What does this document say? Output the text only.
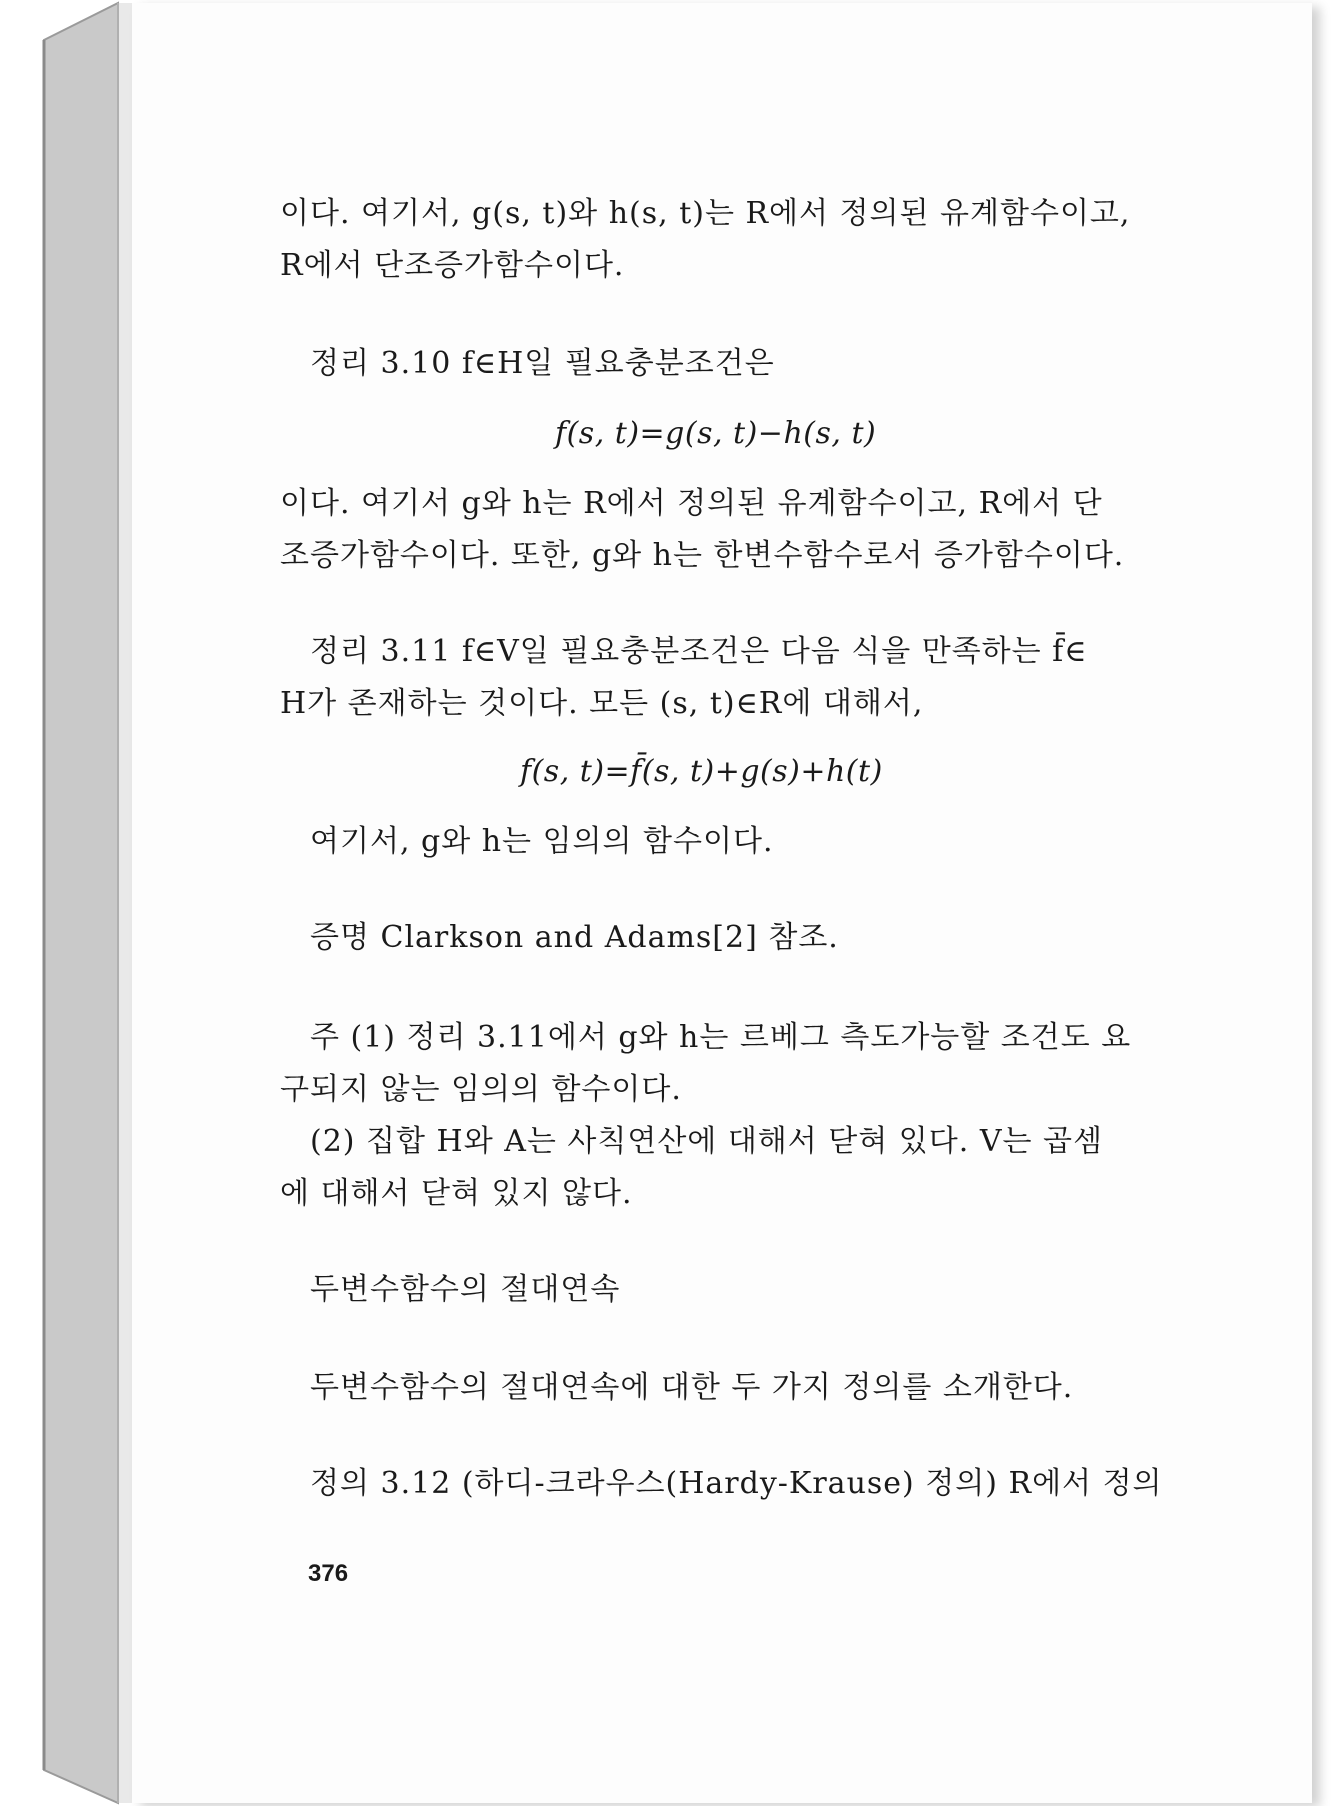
이다. 여기서, g(s, t)와 h(s, t)는 R에서 정의된 유계함수이고,

R에서 단조증가함수이다.

정리 3.10 f∈H일 필요충분조건은

f(s, t)=g(s, t)−h(s, t)

이다. 여기서 g와 h는 R에서 정의된 유계함수이고, R에서 단

조증가함수이다. 또한, g와 h는 한변수함수로서 증가함수이다.

정리 3.11 f∈V일 필요충분조건은 다음 식을 만족하는 f̄∈

H가 존재하는 것이다. 모든 (s, t)∈R에 대해서,

f(s, t)=f̄(s, t)+g(s)+h(t)

여기서, g와 h는 임의의 함수이다.

증명 Clarkson and Adams[2] 참조.

주 (1) 정리 3.11에서 g와 h는 르베그 측도가능할 조건도 요

구되지 않는 임의의 함수이다.

(2) 집합 H와 A는 사칙연산에 대해서 닫혀 있다. V는 곱셈

에 대해서 닫혀 있지 않다.

두변수함수의 절대연속

두변수함수의 절대연속에 대한 두 가지 정의를 소개한다.

정의 3.12 (하디-크라우스(Hardy-Krause) 정의) R에서 정의

376
